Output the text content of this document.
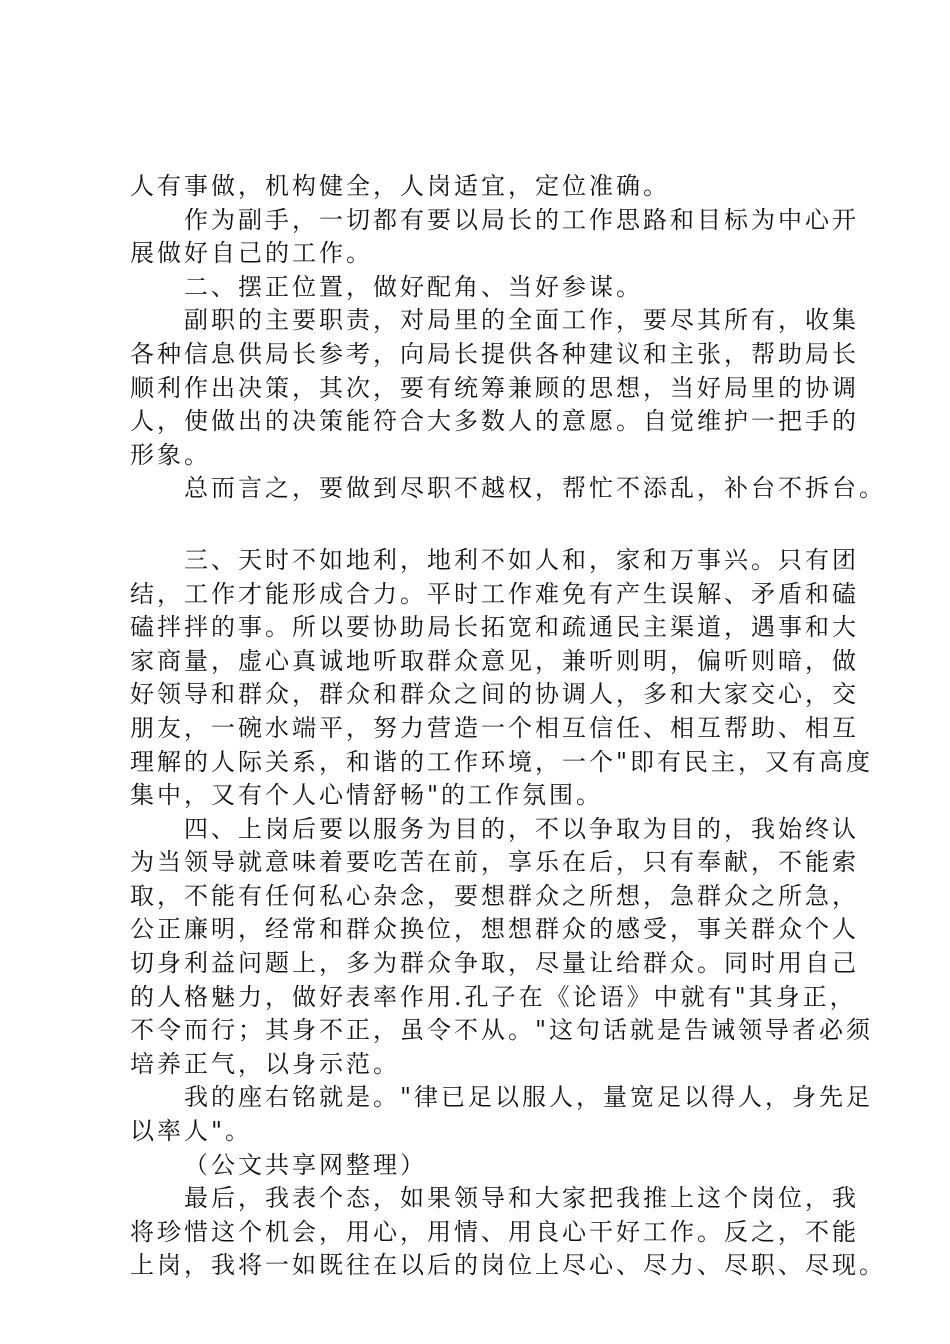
人有事做，机构健全，人岗适宜，定位准确。
作为副手，一切都有要以局长的工作思路和目标为中心开
展做好自己的工作。
二、摆正位置，做好配角、当好参谋。
副职的主要职责，对局里的全面工作，要尽其所有，收集
各种信息供局长参考，向局长提供各种建议和主张，帮助局长
顺利作出决策，其次，要有统筹兼顾的思想，当好局里的协调
人，使做出的决策能符合大多数人的意愿。自觉维护一把手的
形象。
总而言之，要做到尽职不越权，帮忙不添乱，补台不拆台。
三、天时不如地利，地利不如人和，家和万事兴。只有团
结，工作才能形成合力。平时工作难免有产生误解、矛盾和磕
磕拌拌的事。所以要协助局长拓宽和疏通民主渠道，遇事和大
家商量，虚心真诚地听取群众意见，兼听则明，偏听则暗，做
好领导和群众，群众和群众之间的协调人，多和大家交心，交
朋友，一碗水端平，努力营造一个相互信任、相互帮助、相互
理解的人际关系，和谐的工作环境，一个"即有民主，又有高度
集中，又有个人心情舒畅"的工作氛围。
四、上岗后要以服务为目的，不以争取为目的，我始终认
为当领导就意味着要吃苦在前，享乐在后，只有奉献，不能索
取，不能有任何私心杂念，要想群众之所想，急群众之所急，
公正廉明，经常和群众换位，想想群众的感受，事关群众个人
切身利益问题上，多为群众争取，尽量让给群众。同时用自己
的人格魅力，做好表率作用.孔子在《论语》中就有"其身正，
不令而行；其身不正，虽令不从。"这句话就是告诫领导者必须
培养正气，以身示范。
我的座右铭就是。"律已足以服人，量宽足以得人，身先足
以率人"。
（公文共享网整理）
最后，我表个态，如果领导和大家把我推上这个岗位，我
将珍惜这个机会，用心，用情、用良心干好工作。反之，不能
上岗，我将一如既往在以后的岗位上尽心、尽力、尽职、尽现。
